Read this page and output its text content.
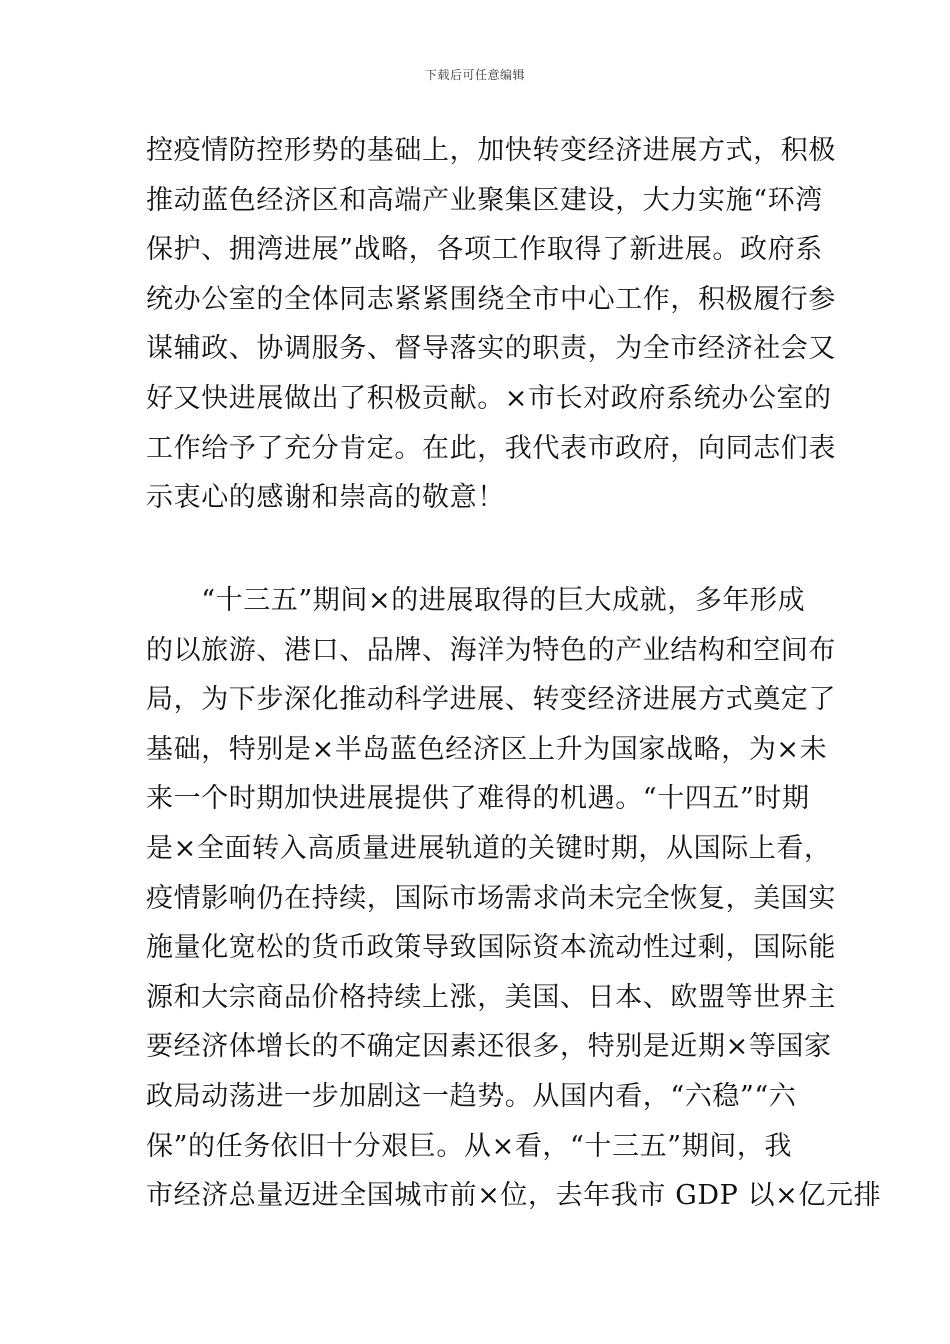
下载后可任意编辑
控疫情防控形势的基础上，加快转变经济进展方式，积极
推动蓝色经济区和高端产业聚集区建设，大力实施“环湾
保护、拥湾进展”战略，各项工作取得了新进展。政府系
统办公室的全体同志紧紧围绕全市中心工作，积极履行参
谋辅政、协调服务、督导落实的职责，为全市经济社会又
好又快进展做出了积极贡献。×市长对政府系统办公室的
工作给予了充分肯定。在此，我代表市政府，向同志们表
示衷心的感谢和崇高的敬意！
　　“十三五”期间×的进展取得的巨大成就，多年形成
的以旅游、港口、品牌、海洋为特色的产业结构和空间布
局，为下步深化推动科学进展、转变经济进展方式奠定了
基础，特别是×半岛蓝色经济区上升为国家战略，为×未
来一个时期加快进展提供了难得的机遇。“十四五”时期
是×全面转入高质量进展轨道的关键时期，从国际上看，
疫情影响仍在持续，国际市场需求尚未完全恢复，美国实
施量化宽松的货币政策导致国际资本流动性过剩，国际能
源和大宗商品价格持续上涨，美国、日本、欧盟等世界主
要经济体增长的不确定因素还很多，特别是近期×等国家
政局动荡进一步加剧这一趋势。从国内看，“六稳”“六
保”的任务依旧十分艰巨。从×看，“十三五”期间，我
市经济总量迈进全国城市前×位，去年我市 GDP 以×亿元排
